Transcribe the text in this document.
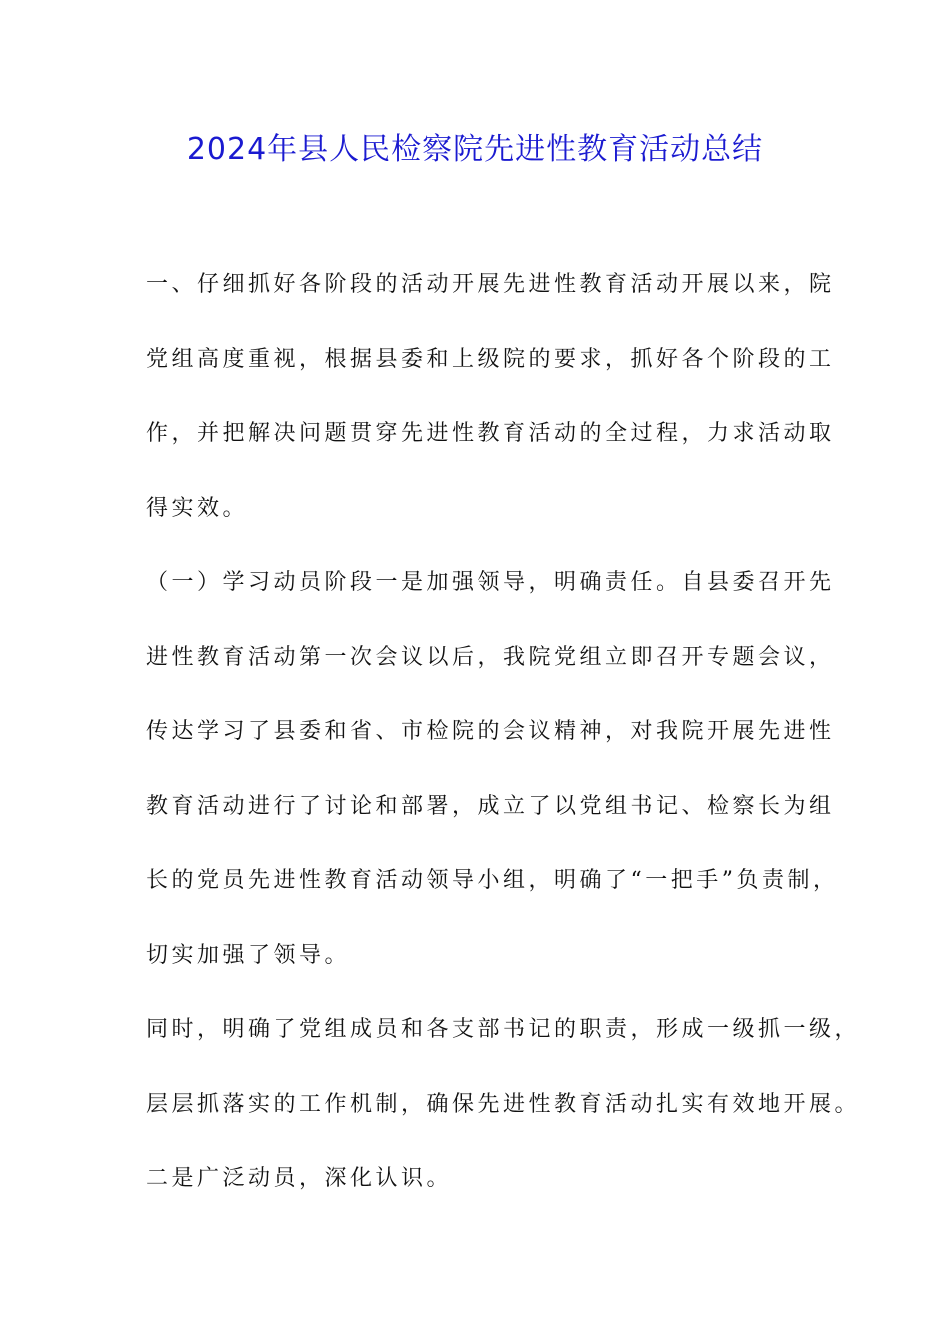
2024年县人民检察院先进性教育活动总结
一、仔细抓好各阶段的活动开展先进性教育活动开展以来，院
党组高度重视，根据县委和上级院的要求，抓好各个阶段的工
作，并把解决问题贯穿先进性教育活动的全过程，力求活动取
得实效。
（一）学习动员阶段一是加强领导，明确责任。自县委召开先
进性教育活动第一次会议以后，我院党组立即召开专题会议，
传达学习了县委和省、市检院的会议精神，对我院开展先进性
教育活动进行了讨论和部署，成立了以党组书记、检察长为组
长的党员先进性教育活动领导小组，明确了“一把手”负责制，
切实加强了领导。
同时，明确了党组成员和各支部书记的职责，形成一级抓一级，
层层抓落实的工作机制，确保先进性教育活动扎实有效地开展。
二是广泛动员，深化认识。
